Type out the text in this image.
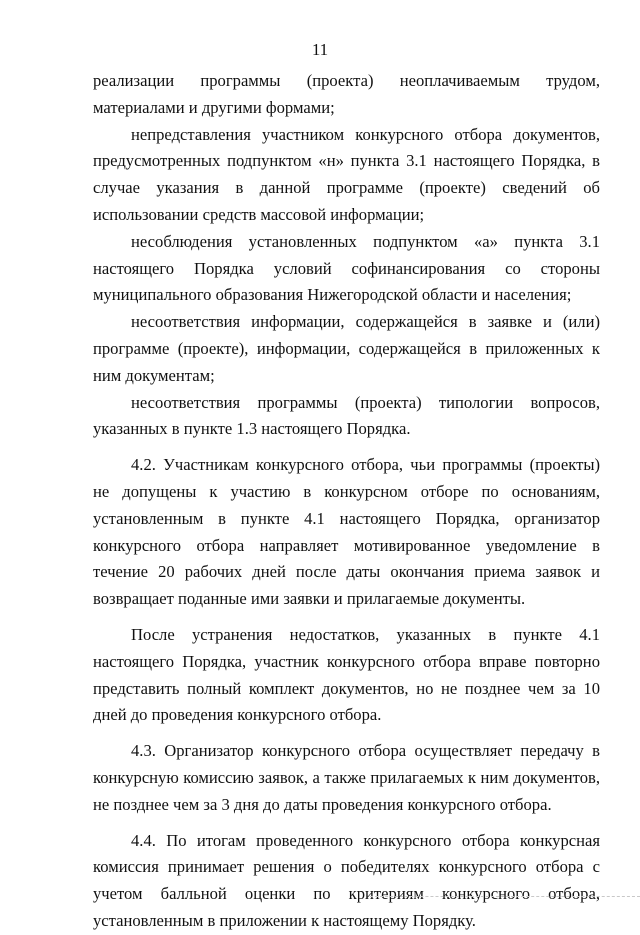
11

реализации программы (проекта) неоплачиваемым трудом, материалами и другими формами;

непредставления участником конкурсного отбора документов, предусмотренных подпунктом «н» пункта 3.1 настоящего Порядка, в случае указания в данной программе (проекте) сведений об использовании средств массовой информации;

несоблюдения установленных подпунктом «а» пункта 3.1 настоящего Порядка условий софинансирования со стороны муниципального образования Нижегородской области и населения;

несоответствия информации, содержащейся в заявке и (или) программе (проекте), информации, содержащейся в приложенных к ним документам;

несоответствия программы (проекта) типологии вопросов, указанных в пункте 1.3 настоящего Порядка.

4.2. Участникам конкурсного отбора, чьи программы (проекты) не допущены к участию в конкурсном отборе по основаниям, установленным в пункте 4.1 настоящего Порядка, организатор конкурсного отбора направляет мотивированное уведомление в течение 20 рабочих дней после даты окончания приема заявок и возвращает поданные ими заявки и прилагаемые документы.

После устранения недостатков, указанных в пункте 4.1 настоящего Порядка, участник конкурсного отбора вправе повторно представить полный комплект документов, но не позднее чем за 10 дней до проведения конкурсного отбора.

4.3. Организатор конкурсного отбора осуществляет передачу в конкурсную комиссию заявок, а также прилагаемых к ним документов, не позднее чем за 3 дня до даты проведения конкурсного отбора.

4.4. По итогам проведенного конкурсного отбора конкурсная комиссия принимает решения о победителях конкурсного отбора с учетом балльной оценки по критериям конкурсного отбора, установленным в приложении к настоящему Порядку.
